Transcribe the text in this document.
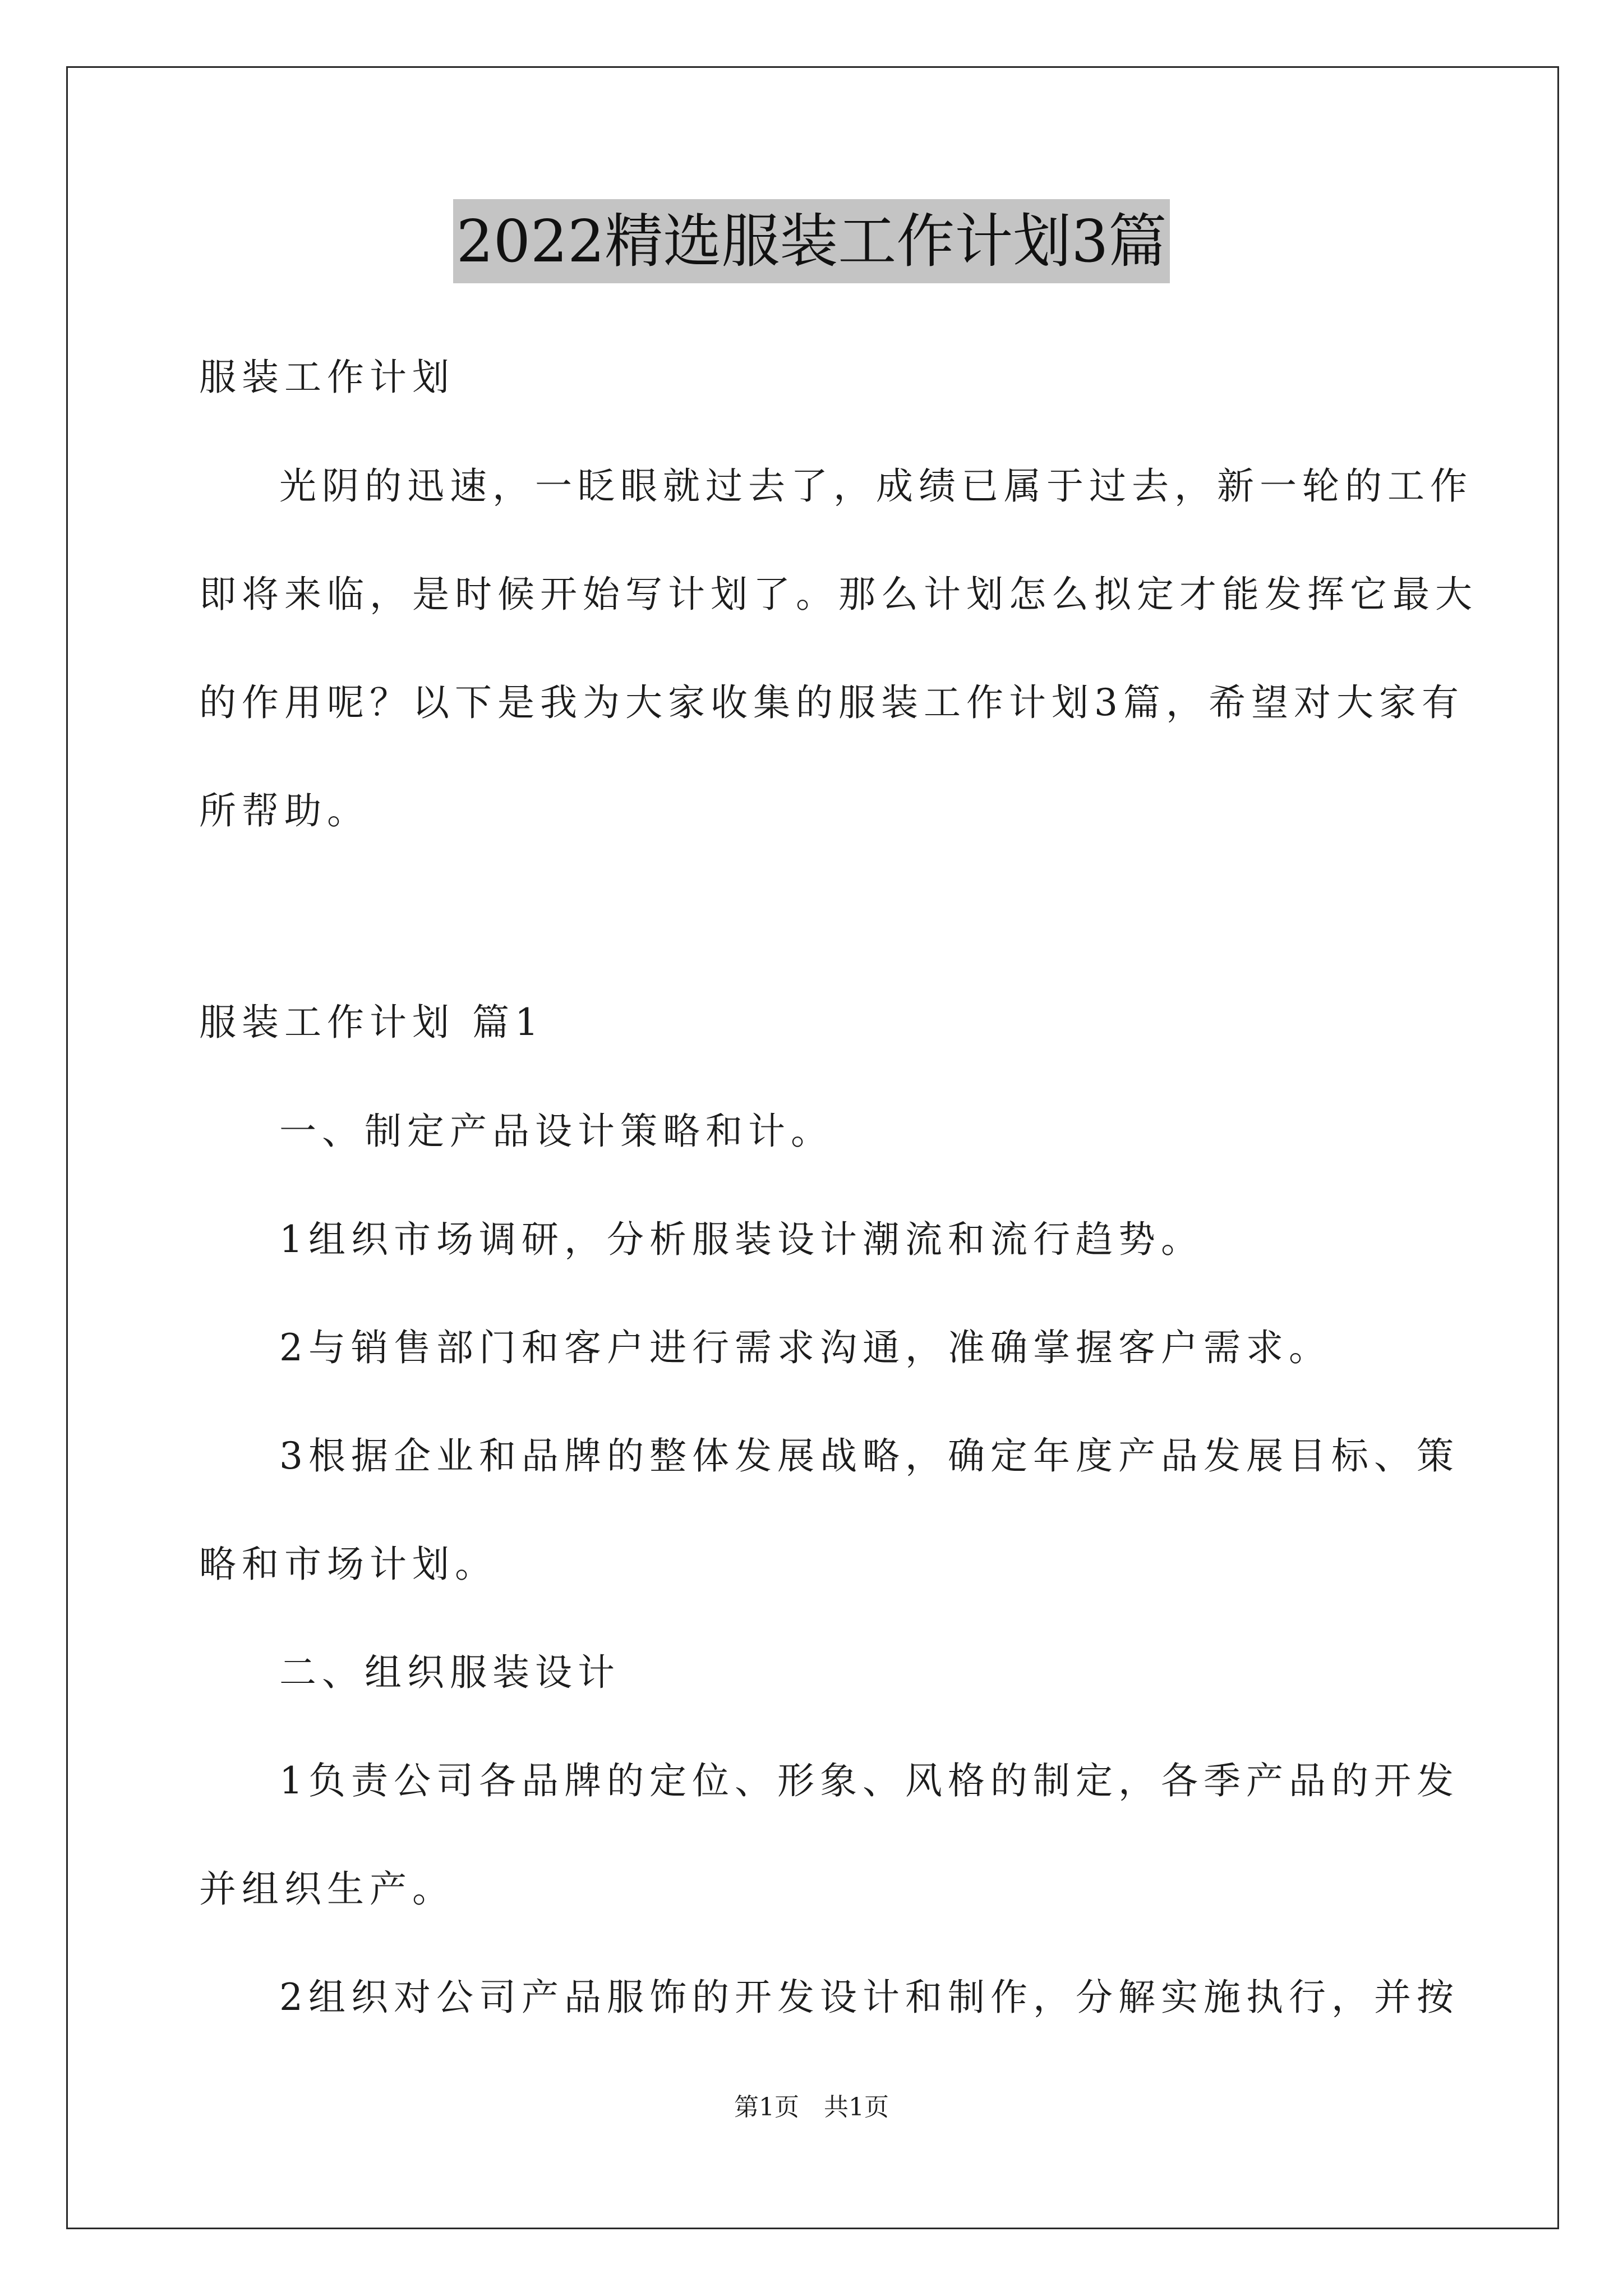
2022精选服装工作计划3篇
服装工作计划
光阴的迅速，一眨眼就过去了，成绩已属于过去，新一轮的工作
即将来临，是时候开始写计划了。那么计划怎么拟定才能发挥它最大
的作用呢？以下是我为大家收集的服装工作计划3篇，希望对大家有
所帮助。
服装工作计划 篇1
一、制定产品设计策略和计。
1组织市场调研，分析服装设计潮流和流行趋势。
2与销售部门和客户进行需求沟通，准确掌握客户需求。
3根据企业和品牌的整体发展战略，确定年度产品发展目标、策
略和市场计划。
二、组织服装设计
1负责公司各品牌的定位、形象、风格的制定，各季产品的开发
并组织生产。
2组织对公司产品服饰的开发设计和制作，分解实施执行，并按
第1页　共1页
